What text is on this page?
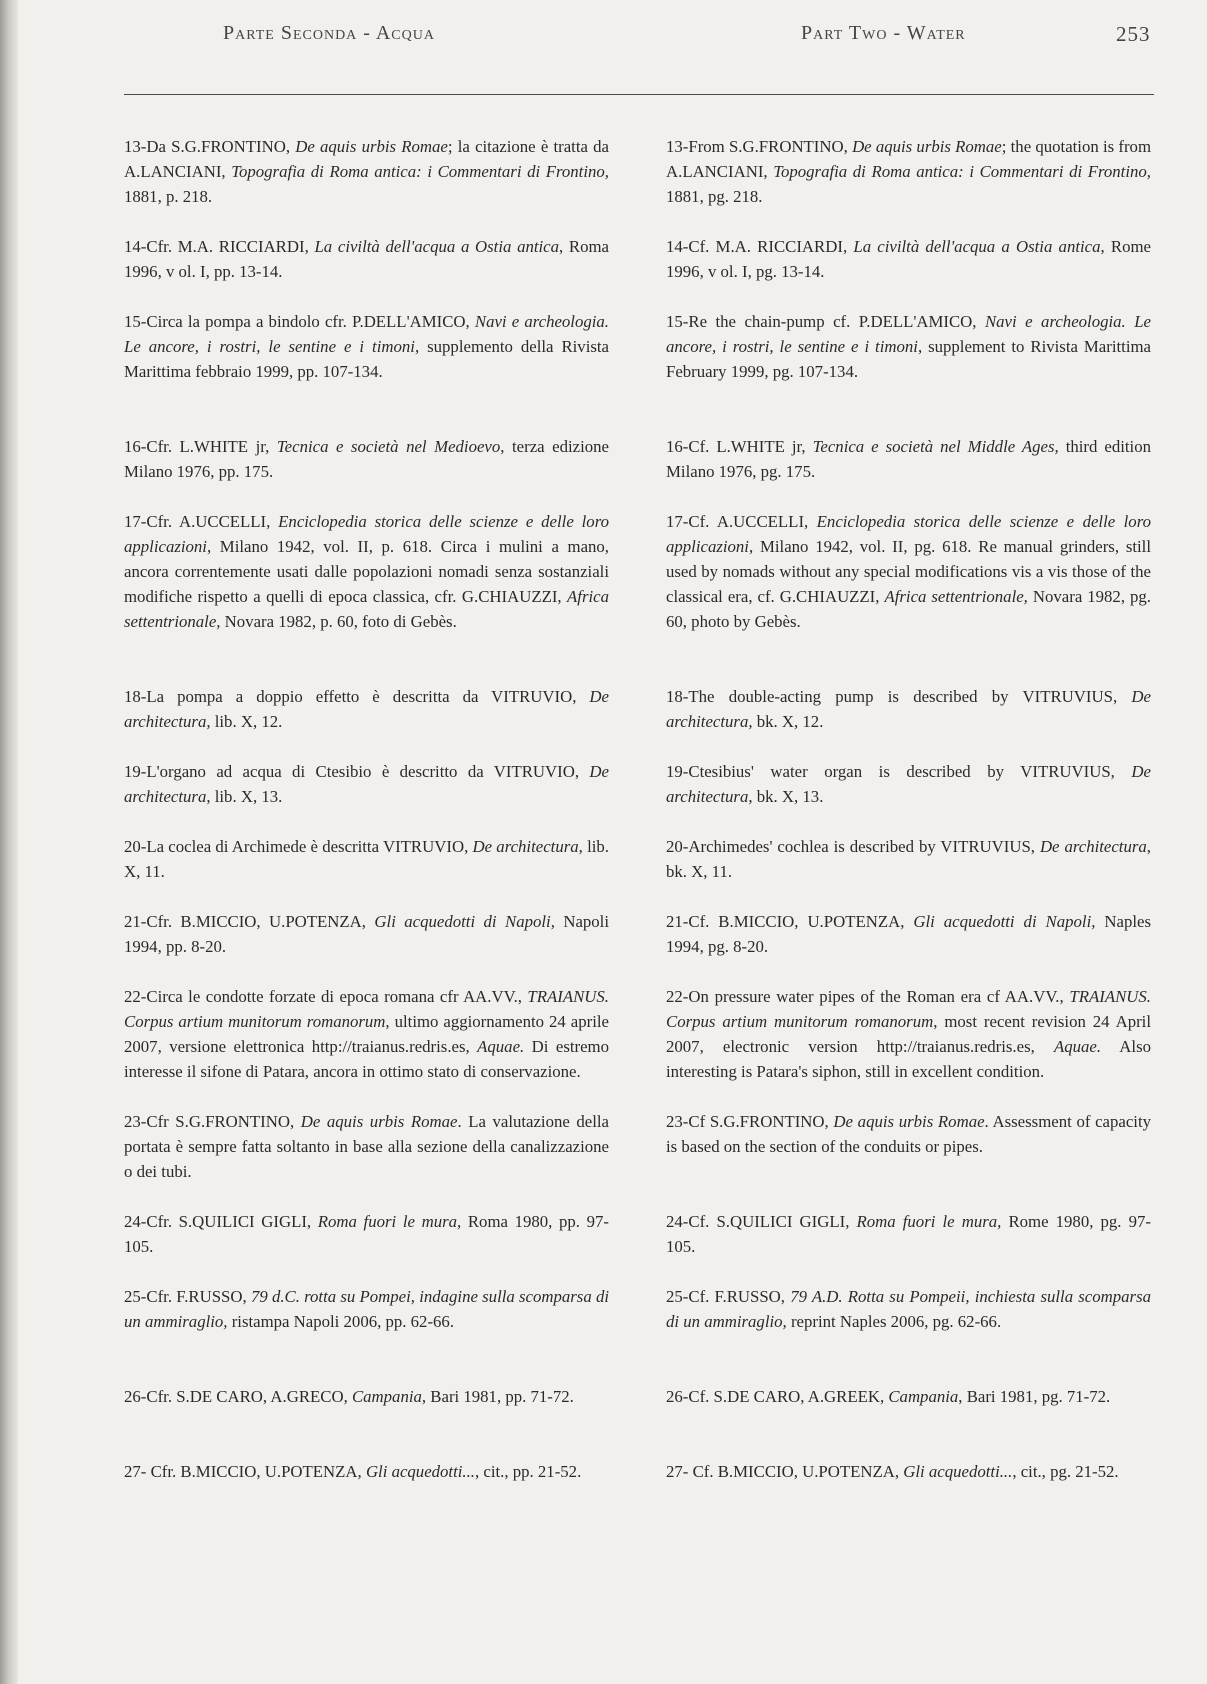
Parte Seconda - Acqua	Part Two - Water	253

13-Da S.G.FRONTINO, De aquis urbis Romae; la citazione è tratta da A.LANCIANI, Topografia di Roma antica: i Commentari di Frontino, 1881, p. 218.

14-Cfr. M.A. RICCIARDI, La civiltà dell'acqua a Ostia antica, Roma 1996, v ol. I, pp. 13-14.

15-Circa la pompa a bindolo cfr. P.DELL'AMICO, Navi e archeologia. Le ancore, i rostri, le sentine e i timoni, supplemento della Rivista Marittima febbraio 1999, pp. 107-134.

16-Cfr. L.WHITE jr, Tecnica e società nel Medioevo, terza edizione Milano 1976, pp. 175.

17-Cfr. A.UCCELLI, Enciclopedia storica delle scienze e delle loro applicazioni, Milano 1942, vol. II, p. 618. Circa i mulini a mano, ancora correntemente usati dalle popolazioni nomadi senza sostanziali modifiche rispetto a quelli di epoca classica, cfr. G.CHIAUZZI, Africa settentrionale, Novara 1982, p. 60, foto di Gebès.

18-La pompa a doppio effetto è descritta da VITRUVIO, De architectura, lib. X, 12.

19-L'organo ad acqua di Ctesibio è descritto da VITRUVIO, De architectura, lib. X, 13.

20-La coclea di Archimede è descritta VITRUVIO, De architectura, lib. X, 11.

21-Cfr. B.MICCIO, U.POTENZA, Gli acquedotti di Napoli, Napoli 1994, pp. 8-20.

22-Circa le condotte forzate di epoca romana cfr AA.VV., TRAIANUS. Corpus artium munitorum romanorum, ultimo aggiornamento 24 aprile 2007, versione elettronica http://traianus.redris.es, Aquae. Di estremo interesse il sifone di Patara, ancora in ottimo stato di conservazione.

23-Cfr S.G.FRONTINO, De aquis urbis Romae. La valutazione della portata è sempre fatta soltanto in base alla sezione della canalizzazione o dei tubi.

24-Cfr. S.QUILICI GIGLI, Roma fuori le mura, Roma 1980, pp. 97- 105.

25-Cfr. F.RUSSO, 79 d.C. rotta su Pompei, indagine sulla scomparsa di un ammiraglio, ristampa Napoli 2006, pp. 62-66.

26-Cfr. S.DE CARO, A.GRECO, Campania, Bari 1981, pp. 71-72.

27- Cfr. B.MICCIO, U.POTENZA, Gli acquedotti..., cit., pp. 21-52.

13-From S.G.FRONTINO, De aquis urbis Romae; the quotation is from A.LANCIANI, Topografia di Roma antica: i Commentari di Frontino, 1881, pg. 218.

14-Cf. M.A. RICCIARDI, La civiltà dell'acqua a Ostia antica, Rome 1996, v ol. I, pg. 13-14.

15-Re the chain-pump cf. P.DELL'AMICO, Navi e archeologia. Le ancore, i rostri, le sentine e i timoni, supplement to Rivista Marittima February 1999, pg. 107-134.

16-Cf. L.WHITE jr, Tecnica e società nel Middle Ages, third edition Milano 1976, pg. 175.

17-Cf. A.UCCELLI, Enciclopedia storica delle scienze e delle loro applicazioni, Milano 1942, vol. II, pg. 618. Re manual grinders, still used by nomads without any special modifications vis a vis those of the classical era, cf. G.CHIAUZZI, Africa settentrionale, Novara 1982, pg. 60, photo by Gebès.

18-The double-acting pump is described by VITRUVIUS, De architectura, bk. X, 12.

19-Ctesibius' water organ is described by VITRUVIUS, De architectura, bk. X, 13.

20-Archimedes' cochlea is described by VITRUVIUS, De architectura, bk. X, 11.

21-Cf. B.MICCIO, U.POTENZA, Gli acquedotti di Napoli, Naples 1994, pg. 8-20.

22-On pressure water pipes of the Roman era cf AA.VV., TRAIANUS. Corpus artium munitorum romanorum, most recent revision 24 April 2007, electronic version http://traianus.redris.es, Aquae. Also interesting is Patara's siphon, still in excellent condition.

23-Cf S.G.FRONTINO, De aquis urbis Romae. Assessment of capacity is based on the section of the conduits or pipes.

24-Cf. S.QUILICI GIGLI, Roma fuori le mura, Rome 1980, pg. 97- 105.

25-Cf. F.RUSSO, 79 A.D. Rotta su Pompeii, inchiesta sulla scomparsa di un ammiraglio, reprint Naples 2006, pg. 62-66.

26-Cf. S.DE CARO, A.GREEK, Campania, Bari 1981, pg. 71-72.

27- Cf. B.MICCIO, U.POTENZA, Gli acquedotti..., cit., pg. 21-52.
